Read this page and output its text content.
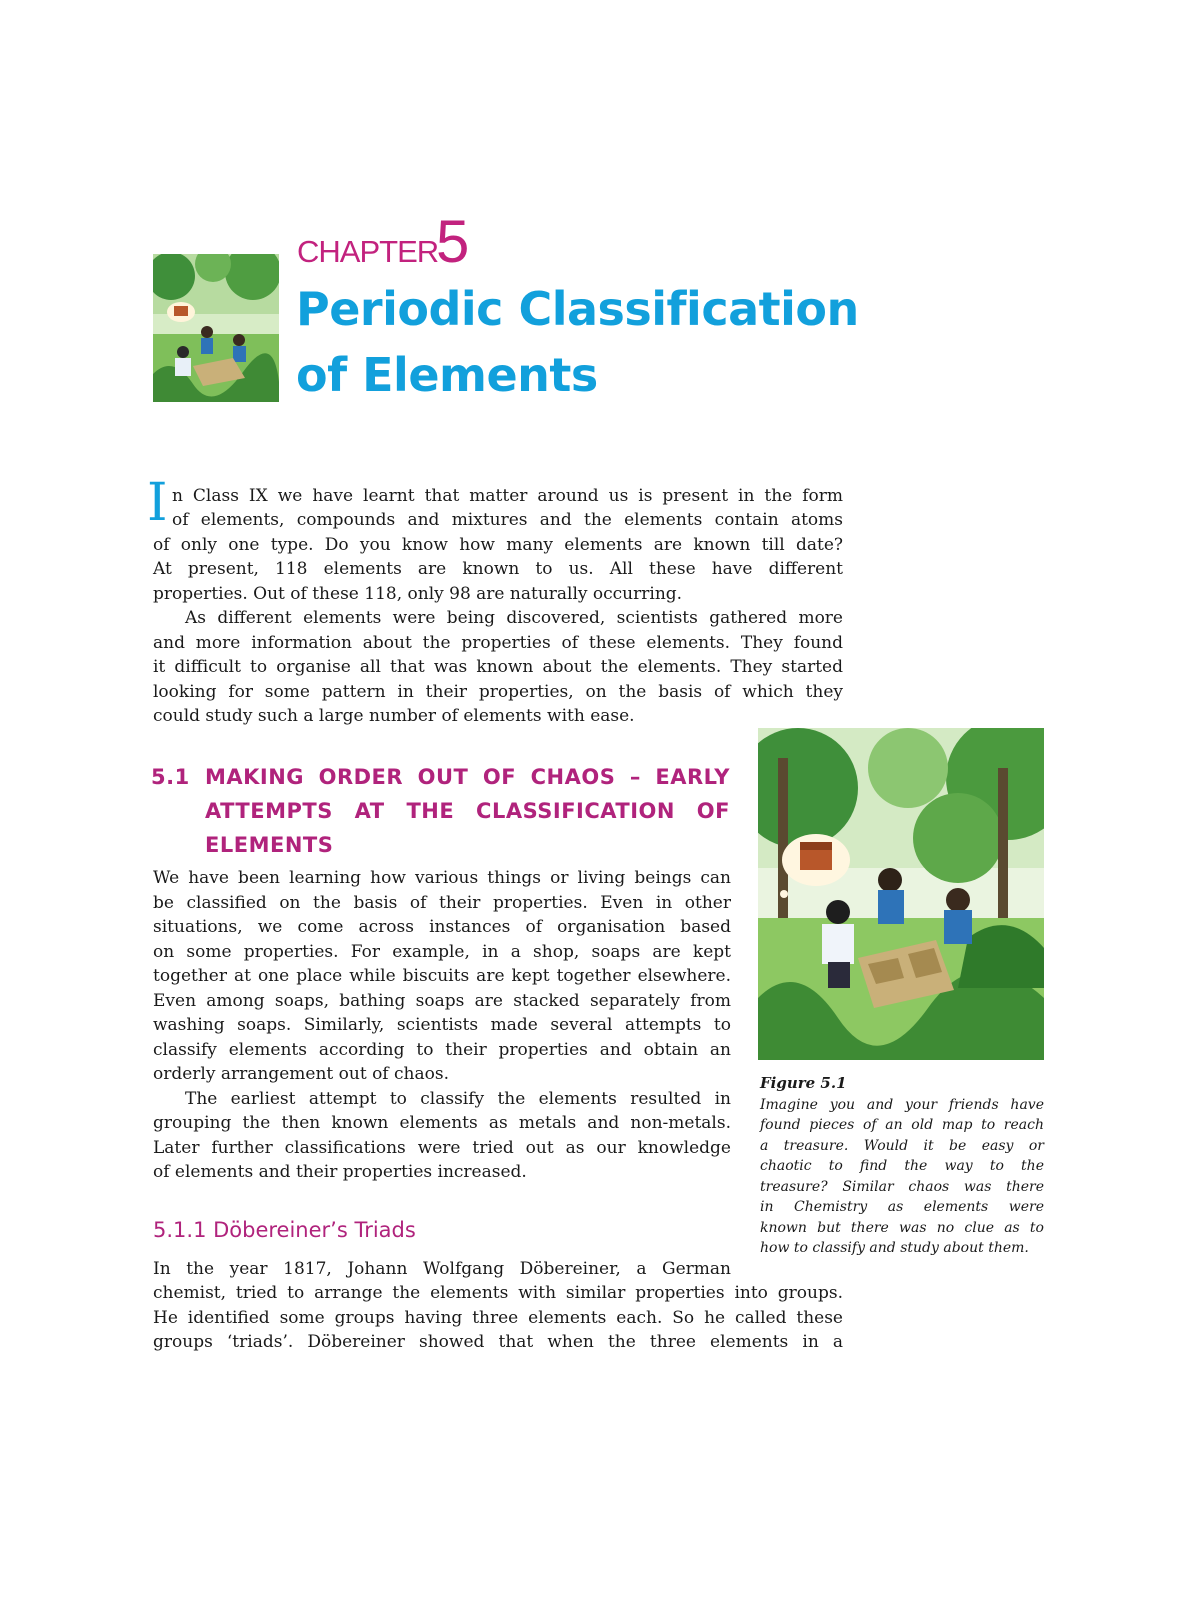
CHAPTER
5
Periodic Classification
of Elements
I n Class IX we have learnt that matter around us is present in the form
of elements, compounds and mixtures and the elements contain atoms
of only one type. Do you know how many elements are known till date?
At present, 118 elements are known to us. All these have different
properties. Out of these 118, only 98 are naturally occurring.
As different elements were being discovered, scientists gathered more
and more information about the properties of these elements. They found
it difficult to organise all that was known about the elements. They started
looking for some pattern in their properties, on the basis of which they
could study such a large number of elements with ease.
5.1 MAKING ORDER OUT OF CHAOS – EARLY
ATTEMPTS AT THE CLASSIFICATION OF
ELEMENTS
We have been learning how various things or living beings can
be classified on the basis of their properties. Even in other
situations, we come across instances of organisation based
on some properties. For example, in a shop, soaps are kept
together at one place while biscuits are kept together elsewhere.
Even among soaps, bathing soaps are stacked separately from
washing soaps. Similarly, scientists made several attempts to
classify elements according to their properties and obtain an
orderly arrangement out of chaos.
The earliest attempt to classify the elements resulted in
grouping the then known elements as metals and non-metals.
Later further classifications were tried out as our knowledge
of elements and their properties increased.
5.1.1 Döbereiner’s Triads
In the year 1817, Johann Wolfgang Döbereiner, a German
chemist, tried to arrange the elements with similar properties into groups.
He identified some groups having three elements each. So he called these
groups ‘triads’. Döbereiner showed that when the three elements in a
Figure 5.1
Imagine you and your friends have
found pieces of an old map to reach
a treasure. Would it be easy or
chaotic to find the way to the
treasure? Similar chaos was there
in Chemistry as elements were
known but there was no clue as to
how to classify and study about them.
